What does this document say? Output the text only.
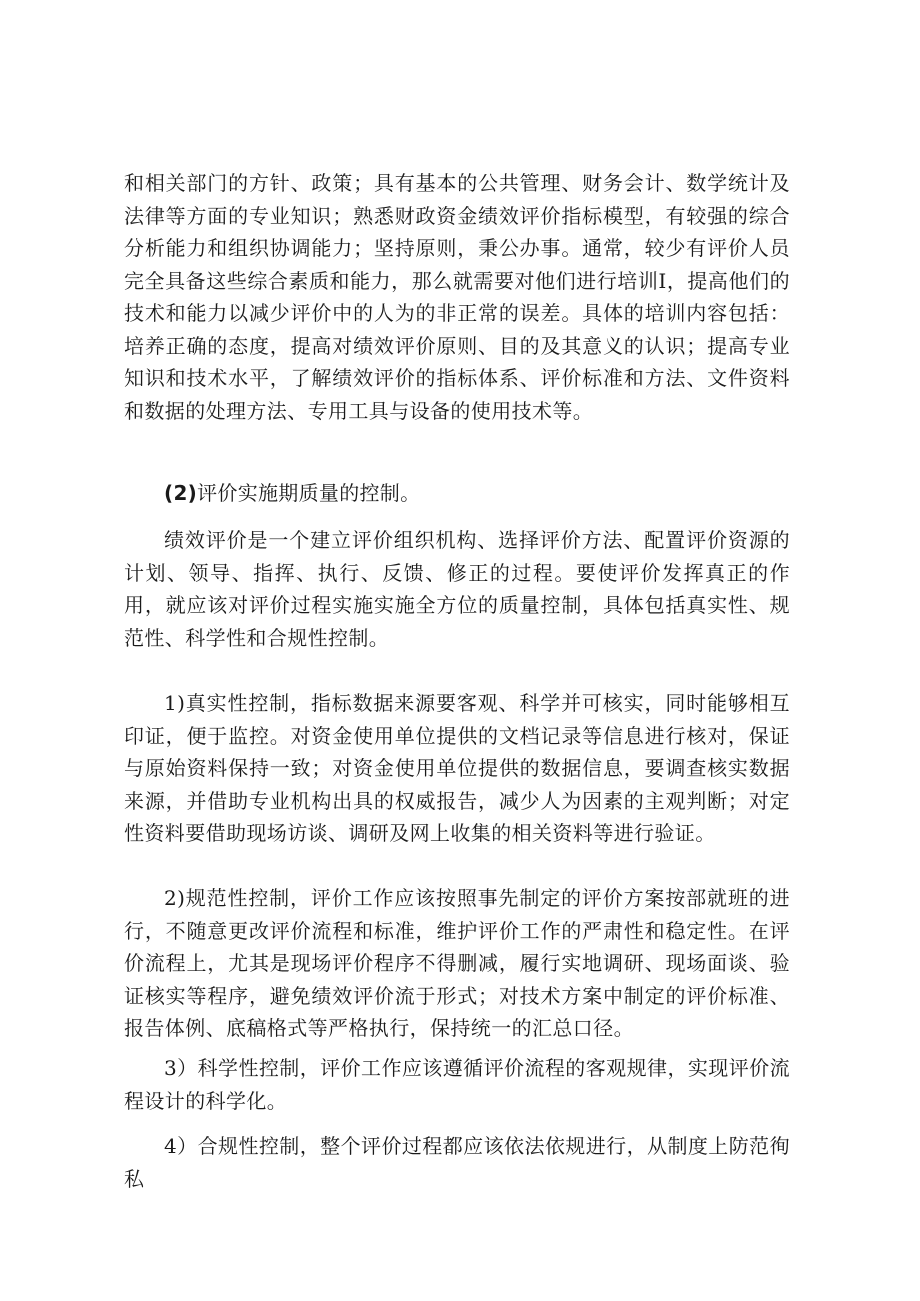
和相关部门的方针、政策；具有基本的公共管理、财务会计、数学统计及法律等方面的专业知识；熟悉财政资金绩效评价指标模型，有较强的综合分析能力和组织协调能力；坚持原则，秉公办事。通常，较少有评价人员完全具备这些综合素质和能力，那么就需要对他们进行培训I，提高他们的技术和能力以减少评价中的人为的非正常的误差。具体的培训内容包括：培养正确的态度，提高对绩效评价原则、目的及其意义的认识；提高专业知识和技术水平，了解绩效评价的指标体系、评价标准和方法、文件资料和数据的处理方法、专用工具与设备的使用技术等。

(2)评价实施期质量的控制。

绩效评价是一个建立评价组织机构、选择评价方法、配置评价资源的计划、领导、指挥、执行、反馈、修正的过程。要使评价发挥真正的作用，就应该对评价过程实施实施全方位的质量控制，具体包括真实性、规范性、科学性和合规性控制。

1)真实性控制，指标数据来源要客观、科学并可核实，同时能够相互印证，便于监控。对资金使用单位提供的文档记录等信息进行核对，保证与原始资料保持一致；对资金使用单位提供的数据信息，要调查核实数据来源，并借助专业机构出具的权威报告，减少人为因素的主观判断；对定性资料要借助现场访谈、调研及网上收集的相关资料等进行验证。

2)规范性控制，评价工作应该按照事先制定的评价方案按部就班的进行，不随意更改评价流程和标准，维护评价工作的严肃性和稳定性。在评价流程上，尤其是现场评价程序不得删减，履行实地调研、现场面谈、验证核实等程序，避免绩效评价流于形式；对技术方案中制定的评价标准、报告体例、底稿格式等严格执行，保持统一的汇总口径。

3）科学性控制，评价工作应该遵循评价流程的客观规律，实现评价流程设计的科学化。

4）合规性控制，整个评价过程都应该依法依规进行，从制度上防范徇私
